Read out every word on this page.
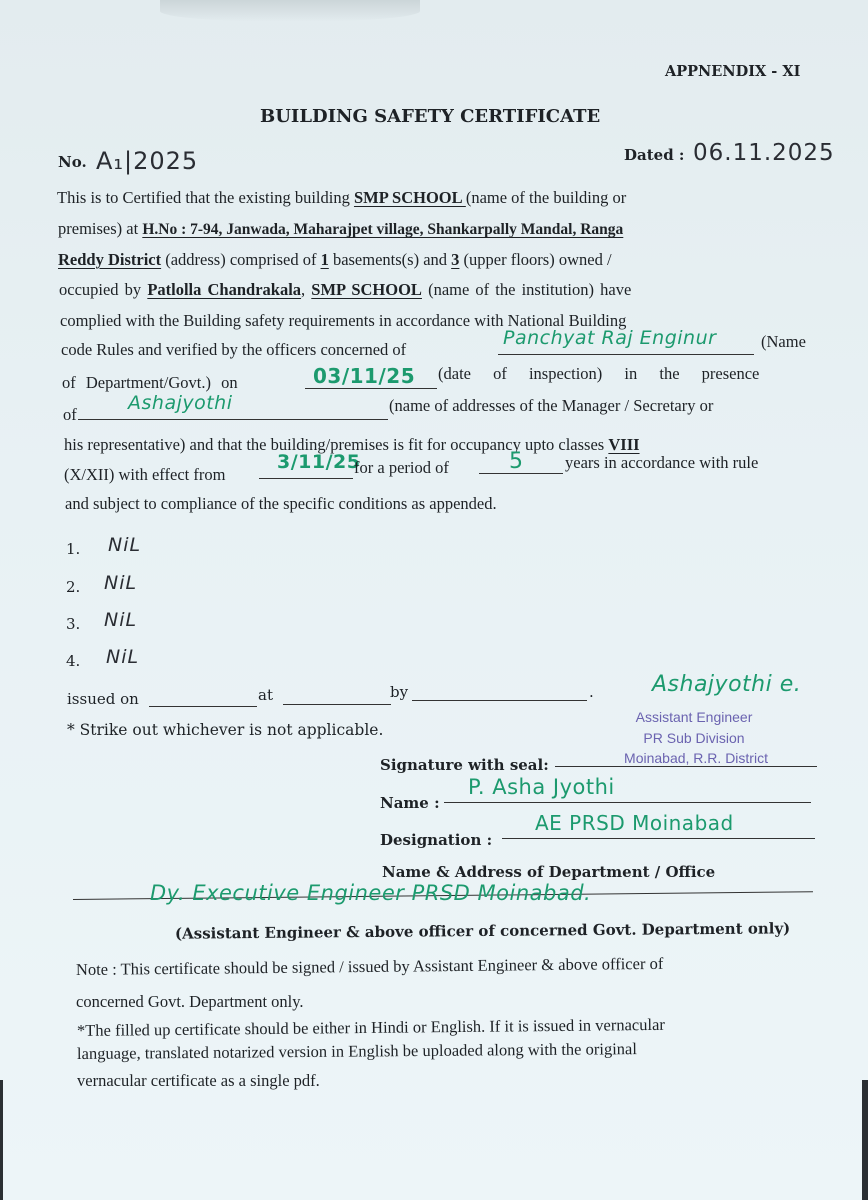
APPNENDIX - XI
BUILDING SAFETY CERTIFICATE
No. A₁|2025	Dated : 06.11.2025
This is to Certified that the existing building SMP SCHOOL (name of the building or
premises) at H.No : 7-94, Janwada, Maharajpet village, Shankarpally Mandal, Ranga
Reddy District (address) comprised of 1 basements(s) and 3 (upper floors) owned /
occupied by Patlolla Chandrakala, SMP SCHOOL (name of the institution) have
complied with the Building safety requirements in accordance with National Building
code Rules and verified by the officers concerned of
Panchyat Raj Enginur	(Name
of Department/Govt.) on	03/11/25 (date of inspection) in the presence
of
Ashajyothi	(name of addresses of the Manager / Secretary or
his representative) and that the building/premises is fit for occupancy upto classes VIII
(X/XII) with effect from
3/11/25
for a period of	5	years in accordance with rule
and subject to compliance of the specific conditions as appended.
1. NiL
2. NiL
3. NiL
4. NiL
issued on	at	by	.
* Strike out whichever is not applicable.
Ashajyothi e.
Assistant Engineer
PR Sub Division
Moinabad, R.R. District
Signature with seal:
Name :
P. Asha Jyothi
Designation :
AE PRSD Moinabad
Name & Address of Department / Office
Dy. Executive Engineer PRSD Moinabad.
(Assistant Engineer & above officer of concerned Govt. Department only)
Note : This certificate should be signed / issued by Assistant Engineer & above officer of
concerned Govt. Department only.
*The filled up certificate should be either in Hindi or English. If it is issued in vernacular
language, translated notarized version in English be uploaded along with the original
vernacular certificate as a single pdf.
